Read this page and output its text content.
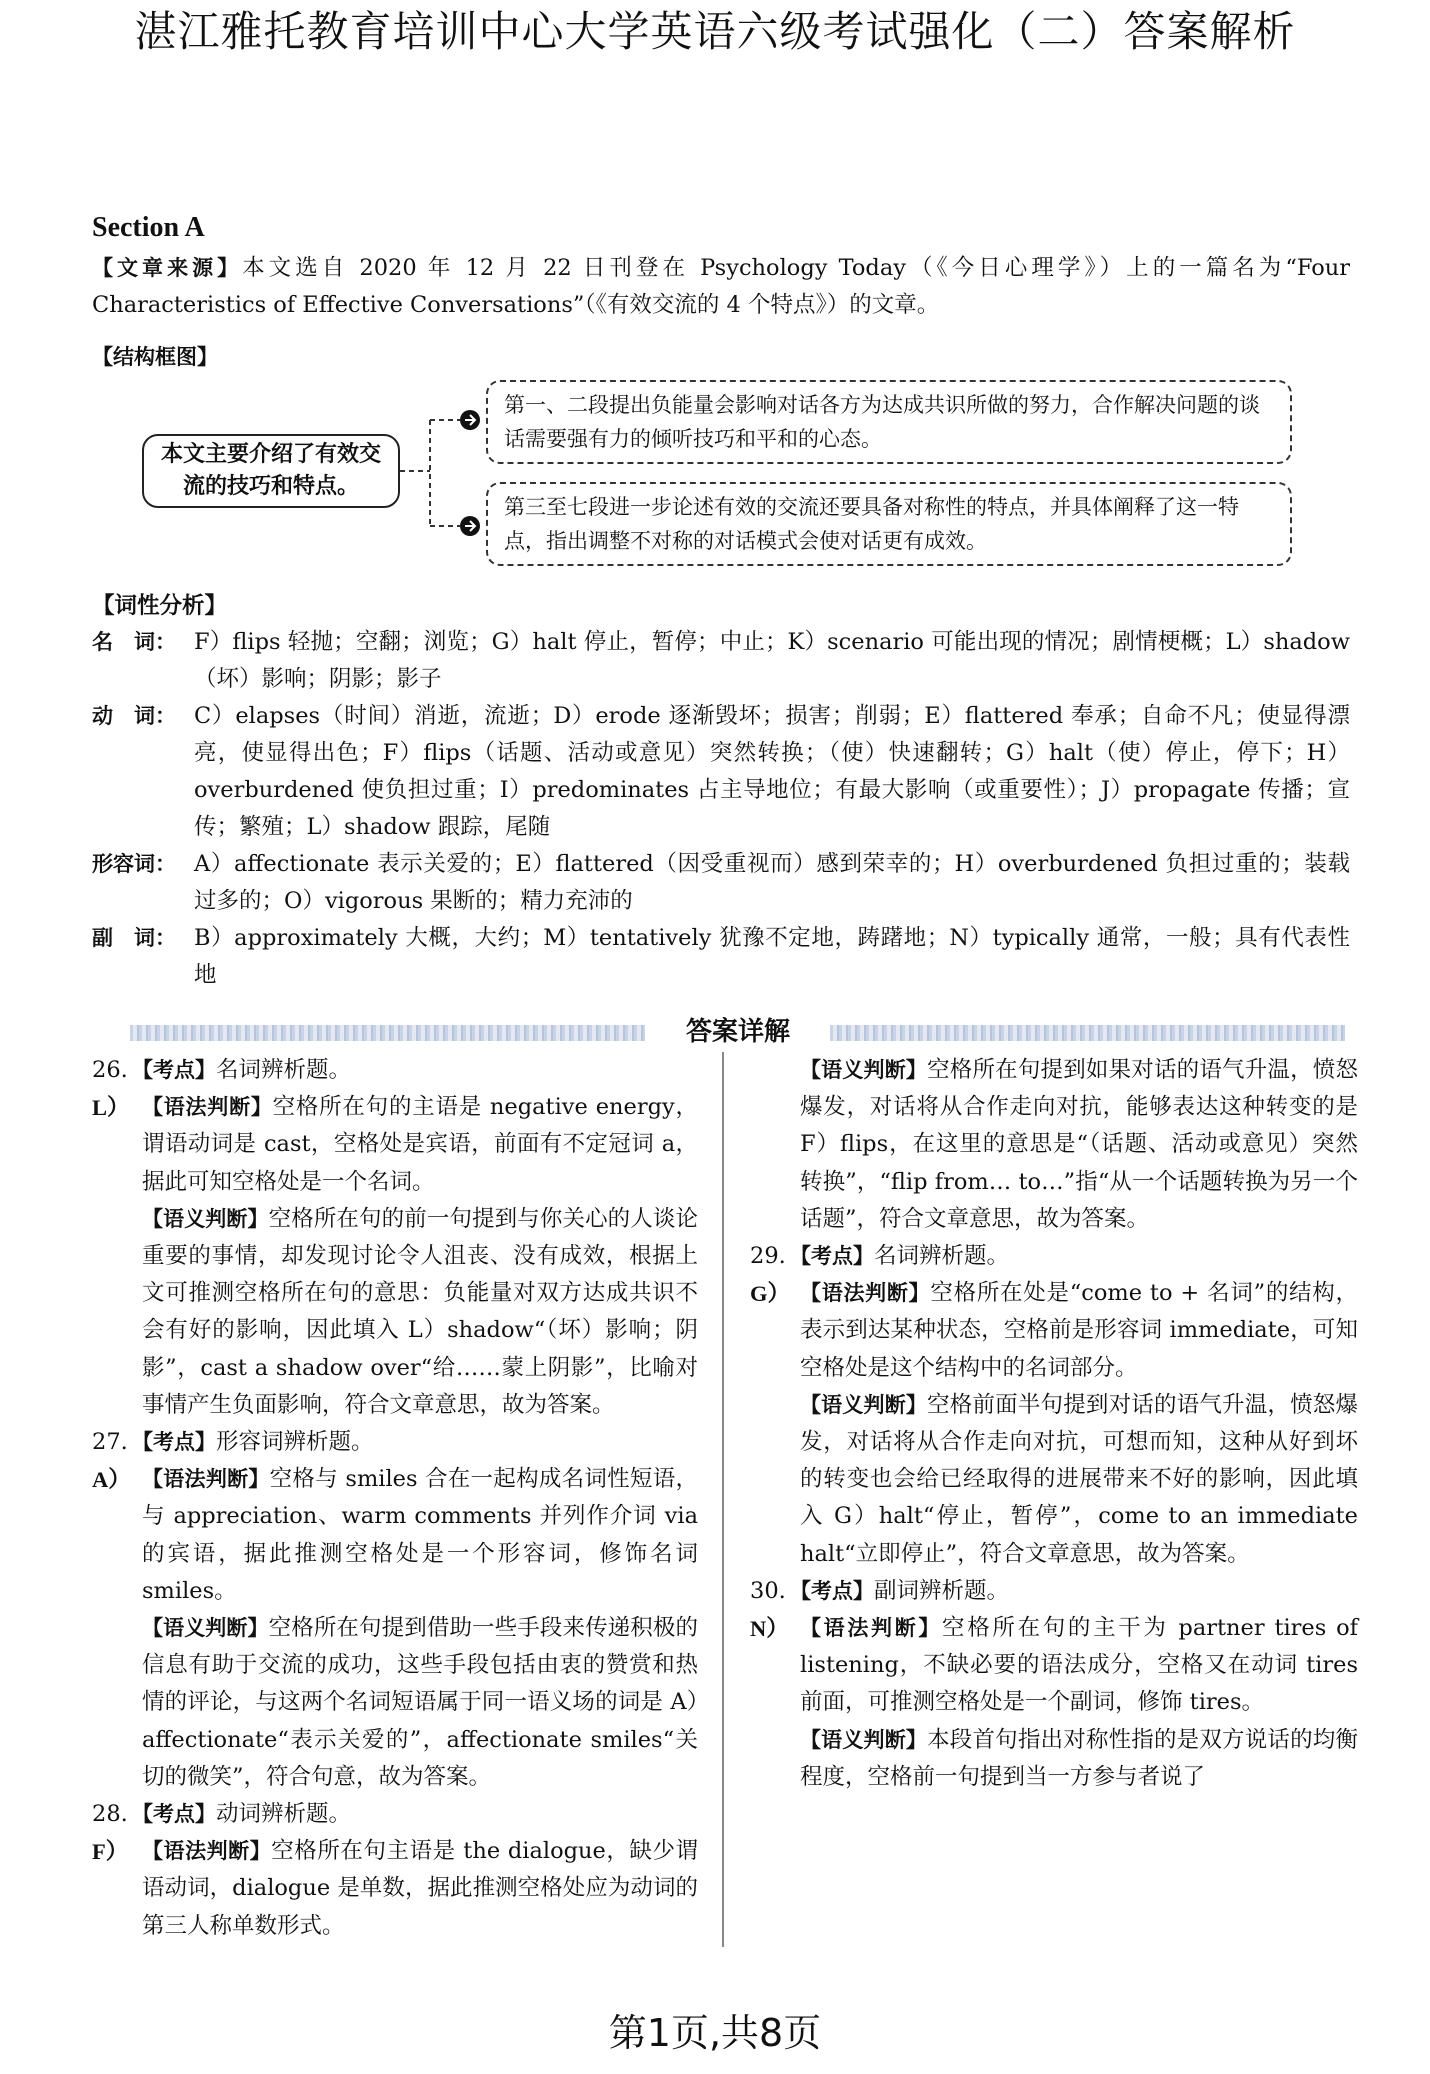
湛江雅托教育培训中心大学英语六级考试强化（二）答案解析
Section A
【文章来源】本文选自 2020 年 12 月 22 日刊登在 Psychology Today（《今日心理学》）上的一篇名为“Four Characteristics of Effective Conversations”（《有效交流的 4 个特点》）的文章。
【结构框图】
本文主要介绍了有效交流的技巧和特点。
第一、二段提出负能量会影响对话各方为达成共识所做的努力，合作解决问题的谈话需要强有力的倾听技巧和平和的心态。
第三至七段进一步论述有效的交流还要具备对称性的特点，并具体阐释了这一特点，指出调整不对称的对话模式会使对话更有成效。
【词性分析】
名　词： F）flips 轻抛；空翻；浏览；G）halt 停止，暂停；中止；K）scenario 可能出现的情况；剧情梗概；L）shadow（坏）影响；阴影；影子
动　词： C）elapses（时间）消逝，流逝；D）erode 逐渐毁坏；损害；削弱；E）flattered 奉承；自命不凡；使显得漂亮，使显得出色；F）flips（话题、活动或意见）突然转换；（使）快速翻转；G）halt（使）停止，停下；H）overburdened 使负担过重；I）predominates 占主导地位；有最大影响（或重要性）；J）propagate 传播；宣传；繁殖；L）shadow 跟踪，尾随
形容词： A）affectionate 表示关爱的；E）flattered（因受重视而）感到荣幸的；H）overburdened 负担过重的；装载过多的；O）vigorous 果断的；精力充沛的
副　词： B）approximately 大概，大约；M）tentatively 犹豫不定地，踌躇地；N）typically 通常，一般；具有代表性地
答案详解
26. 【考点】名词辨析题。
L） 【语法判断】空格所在句的主语是 negative energy，谓语动词是 cast，空格处是宾语，前面有不定冠词 a，据此可知空格处是一个名词。
【语义判断】空格所在句的前一句提到与你关心的人谈论重要的事情，却发现讨论令人沮丧、没有成效，根据上文可推测空格所在句的意思：负能量对双方达成共识不会有好的影响，因此填入 L）shadow“（坏）影响；阴影”，cast a shadow over“给……蒙上阴影”，比喻对事情产生负面影响，符合文章意思，故为答案。
27. 【考点】形容词辨析题。
A） 【语法判断】空格与 smiles 合在一起构成名词性短语，与 appreciation、warm comments 并列作介词 via 的宾语，据此推测空格处是一个形容词，修饰名词 smiles。
【语义判断】空格所在句提到借助一些手段来传递积极的信息有助于交流的成功，这些手段包括由衷的赞赏和热情的评论，与这两个名词短语属于同一语义场的词是 A）affectionate“表示关爱的”，affectionate smiles“关切的微笑”，符合句意，故为答案。
28. 【考点】动词辨析题。
F） 【语法判断】空格所在句主语是 the dialogue，缺少谓语动词，dialogue 是单数，据此推测空格处应为动词的第三人称单数形式。
【语义判断】空格所在句提到如果对话的语气升温，愤怒爆发，对话将从合作走向对抗，能够表达这种转变的是 F）flips，在这里的意思是“（话题、活动或意见）突然转换”，“flip from… to…”指“从一个话题转换为另一个话题”，符合文章意思，故为答案。
29. 【考点】名词辨析题。
G） 【语法判断】空格所在处是“come to + 名词”的结构，表示到达某种状态，空格前是形容词 immediate，可知空格处是这个结构中的名词部分。
【语义判断】空格前面半句提到对话的语气升温，愤怒爆发，对话将从合作走向对抗，可想而知，这种从好到坏的转变也会给已经取得的进展带来不好的影响，因此填入 G）halt“停止，暂停”，come to an immediate halt“立即停止”，符合文章意思，故为答案。
30. 【考点】副词辨析题。
N） 【语法判断】空格所在句的主干为 partner tires of listening，不缺必要的语法成分，空格又在动词 tires 前面，可推测空格处是一个副词，修饰 tires。
【语义判断】本段首句指出对称性指的是双方说话的均衡程度，空格前一句提到当一方参与者说了
第1页,共8页
